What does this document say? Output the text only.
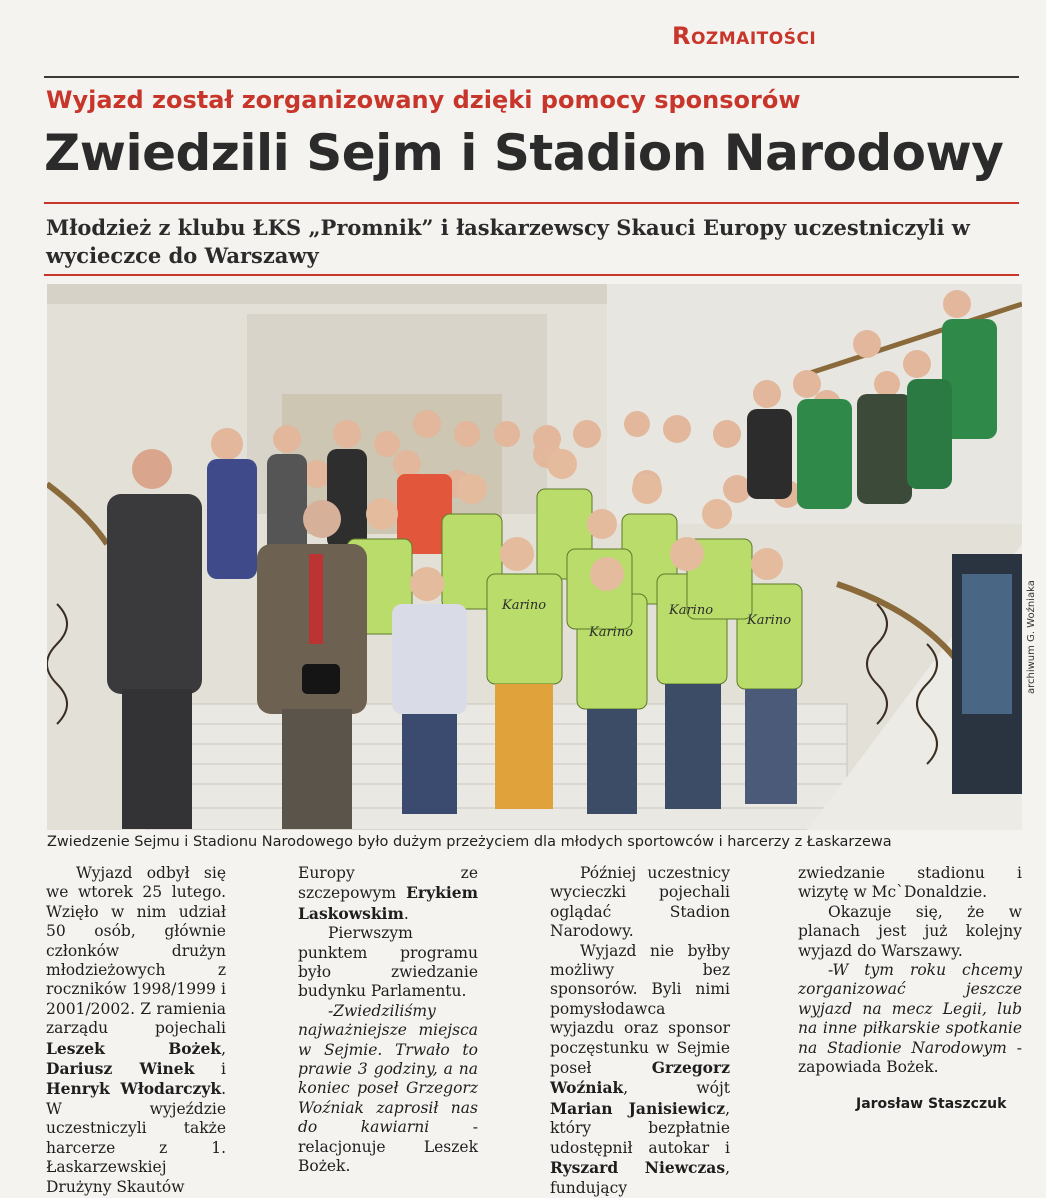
Rozmaitości
Wyjazd został zorganizowany dzięki pomocy sponsorów
Zwiedzili Sejm i Stadion Narodowy
Młodzież z klubu ŁKS „Promnik” i łaskarzewscy Skauci Europy uczestniczyli w wycieczce do Warszawy
Karino
Karino
Karino
Karino	archiwum G. Woźniaka
Zwiedzenie Sejmu i Stadionu Narodowego było dużym przeżyciem dla młodych sportowców i harcerzy z Łaskarzewa

Wyjazd odbył się we wtorek 25 lutego. Wzięło w nim udział 50 osób, głównie członków drużyn młodzieżowych z roczników 1998/1999 i 2001/2002. Z ramienia zarządu pojechali Leszek Bożek, Dariusz Winek i Henryk Włodarczyk. W wyjeździe uczestniczyli także harcerze z 1. Łaskarzewskiej Drużyny Skautów

Europy ze szczepowym Erykiem Laskowskim.

Pierwszym punktem programu było zwiedzanie budynku Parlamentu.

-Zwiedziliśmy najważniejsze miejsca w Sejmie. Trwało to prawie 3 godziny, a na koniec poseł Grzegorz Woźniak zaprosił nas do kawiarni -relacjonuje Leszek Bożek.

Później uczestnicy wycieczki pojechali oglądać Stadion Narodowy.

Wyjazd nie byłby możliwy bez sponsorów. Byli nimi pomysłodawca wyjazdu oraz sponsor poczęstunku w Sejmie poseł Grzegorz Woźniak, wójt Marian Janisiewicz, który bezpłatnie udostępnił autokar i Ryszard Niewczas, fundujący

zwiedzanie stadionu i wizytę w Mc`Donaldzie.

Okazuje się, że w planach jest już kolejny wyjazd do Warszawy.

-W tym roku chcemy zorganizować jeszcze wyjazd na mecz Legii, lub na inne piłkarskie spotkanie na Stadionie Narodowym -zapowiada Bożek.

Jarosław Staszczuk
